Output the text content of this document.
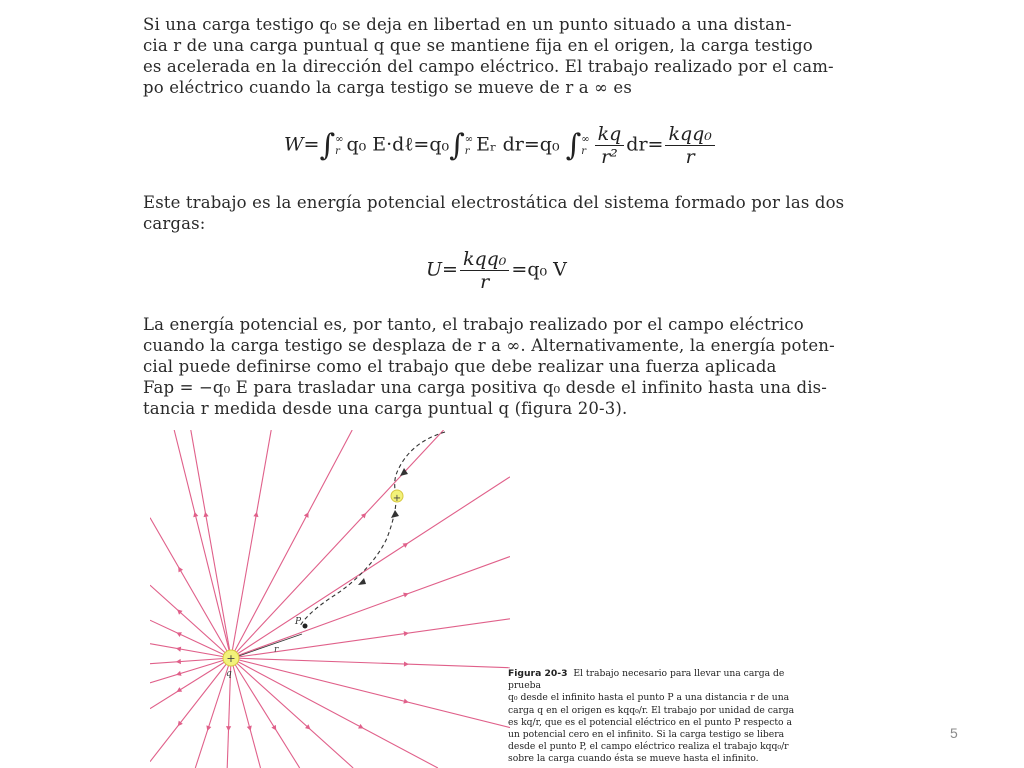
Si una carga testigo q₀ se deja en libertad en un punto situado a una distan-
cia r de una carga puntual q que se mantiene fija en el origen, la carga testigo
es acelerada en la dirección del campo eléctrico. El trabajo realizado por el cam-
po eléctrico cuando la carga testigo se mueve de r a ∞ es
W=∫ ∞
r q₀ E·dℓ=q₀∫ ∞
r Eᵣ dr=q₀ ∫ ∞
r $\frac{kq}{\text{r²}} dr= \frac{\text{kqq₀}}{r}$
Este trabajo es la energía potencial electrostática del sistema formado por las dos
cargas:
$U= \frac{\text{kqq₀}}{r} =q_0$ V
La energía potencial es, por tanto, el trabajo realizado por el campo eléctrico
cuando la carga testigo se desplaza de r a ∞. Alternativamente, la energía poten-
cial puede definirse como el trabajo que debe realizar una fuerza aplicada
Fap = −q₀ E para trasladar una carga positiva q₀ desde el infinito hasta una dis-
tancia r medida desde una carga puntual q (figura 20-3).
+
P
r
+
q	Figura 20-3 El trabajo necesario para llevar una carga de prueba
q₀ desde el infinito hasta el punto P a una distancia r de una
carga q en el origen es kqq₀/r. El trabajo por unidad de carga
es kq/r, que es el potencial eléctrico en el punto P respecto a
un potencial cero en el infinito. Si la carga testigo se libera
desde el punto P, el campo eléctrico realiza el trabajo kqq₀/r
sobre la carga cuando ésta se mueve hasta el infinito.
5
